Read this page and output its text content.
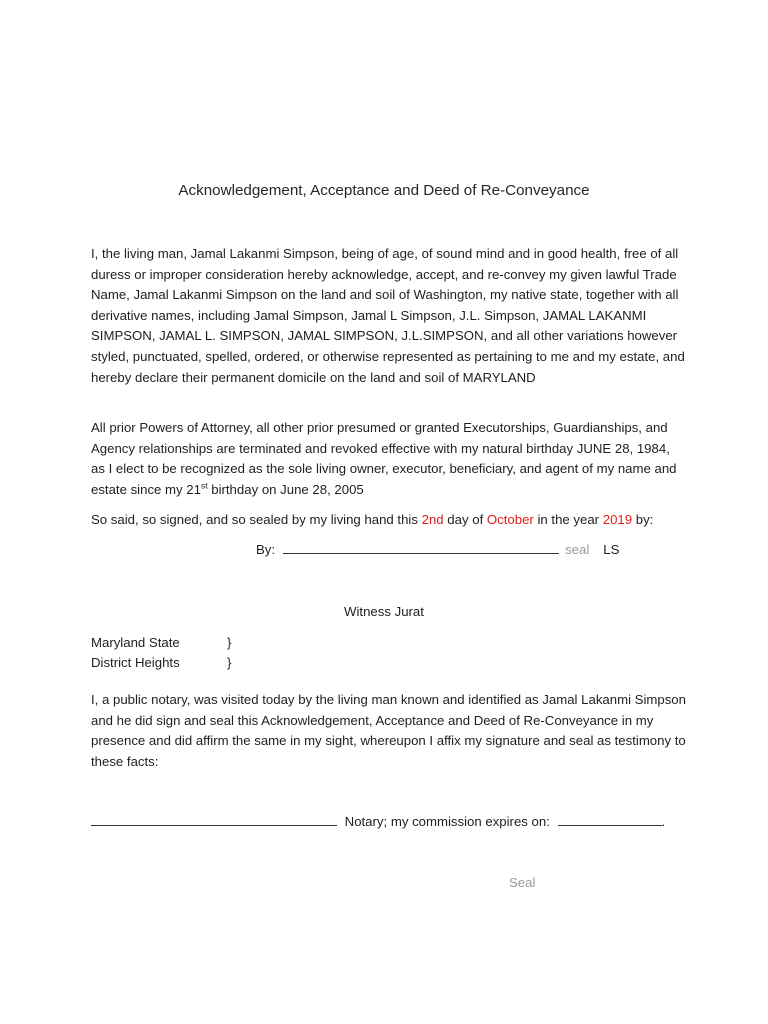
Acknowledgement, Acceptance and Deed of Re-Conveyance
I, the living man, Jamal Lakanmi Simpson, being of age, of sound mind and in good health, free of all duress or improper consideration hereby acknowledge, accept, and re-convey my given lawful Trade Name, Jamal Lakanmi Simpson on the land and soil of Washington, my native state, together with all derivative names, including Jamal Simpson, Jamal L Simpson, J.L. Simpson, JAMAL LAKANMI SIMPSON, JAMAL L. SIMPSON, JAMAL SIMPSON, J.L.SIMPSON, and all other variations however styled, punctuated, spelled, ordered, or otherwise represented as pertaining to me and my estate, and hereby declare their permanent domicile on the land and soil of MARYLAND
All prior Powers of Attorney, all other prior presumed or granted Executorships, Guardianships, and Agency relationships are terminated and revoked effective with my natural birthday JUNE 28, 1984, as I elect to be recognized as the sole living owner, executor, beneficiary, and agent of my name and estate since my 21st birthday on June 28, 2005
So said, so signed, and so sealed by my living hand this 2nd day of October in the year 2019 by:
By:	seal LS
Witness Jurat
Maryland State	}
District Heights	}
I, a public notary, was visited today by the living man known and identified as Jamal Lakanmi Simpson and he did sign and seal this Acknowledgement, Acceptance and Deed of Re-Conveyance in my presence and did affirm the same in my sight, whereupon I affix my signature and seal as testimony to these facts:
Notary; my commission expires on:	.
Seal
